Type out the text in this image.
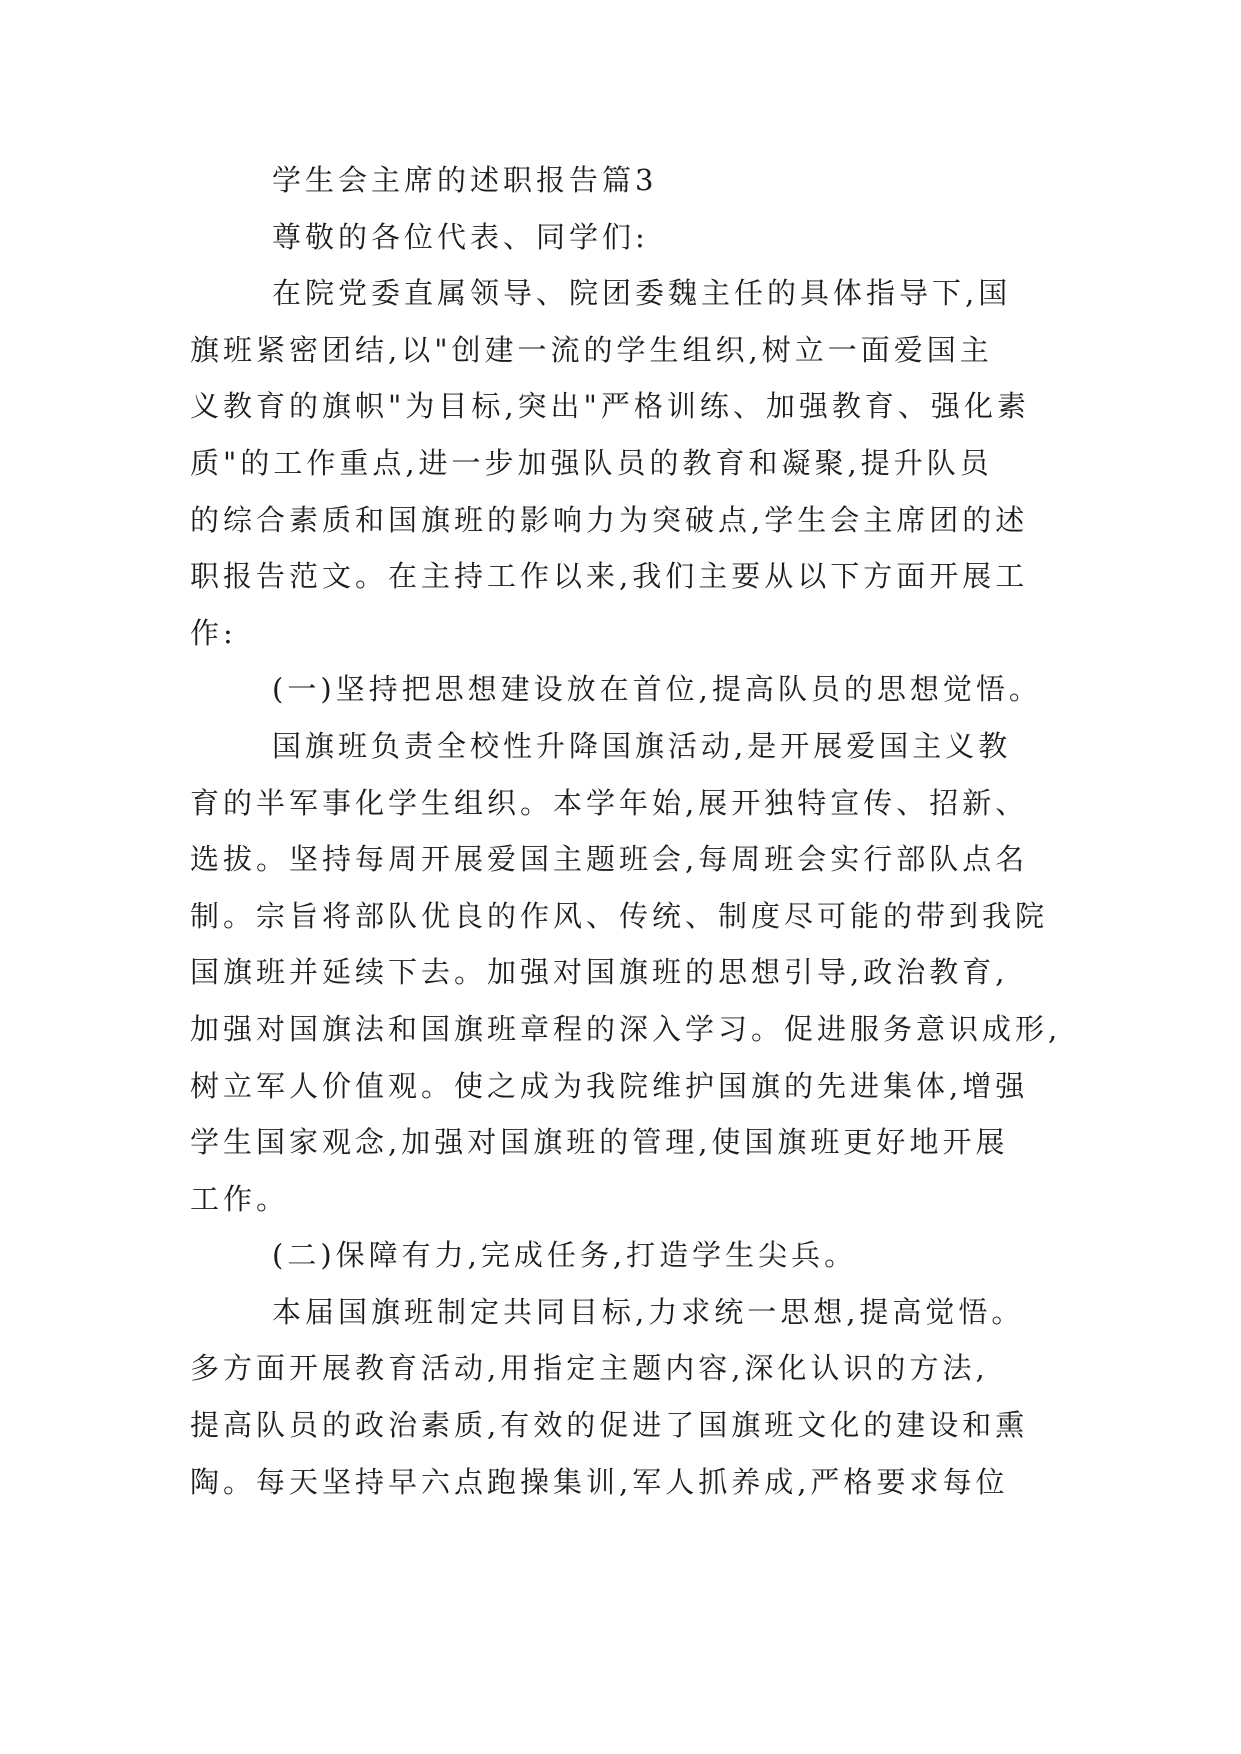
学生会主席的述职报告篇3
尊敬的各位代表、同学们:
在院党委直属领导、院团委魏主任的具体指导下,国
旗班紧密团结,以"创建一流的学生组织,树立一面爱国主
义教育的旗帜"为目标,突出"严格训练、加强教育、强化素
质"的工作重点,进一步加强队员的教育和凝聚,提升队员
的综合素质和国旗班的影响力为突破点,学生会主席团的述
职报告范文。在主持工作以来,我们主要从以下方面开展工
作:
(一)坚持把思想建设放在首位,提高队员的思想觉悟。
国旗班负责全校性升降国旗活动,是开展爱国主义教
育的半军事化学生组织。本学年始,展开独特宣传、招新、
选拔。坚持每周开展爱国主题班会,每周班会实行部队点名
制。宗旨将部队优良的作风、传统、制度尽可能的带到我院
国旗班并延续下去。加强对国旗班的思想引导,政治教育,
加强对国旗法和国旗班章程的深入学习。促进服务意识成形,
树立军人价值观。使之成为我院维护国旗的先进集体,增强
学生国家观念,加强对国旗班的管理,使国旗班更好地开展
工作。
(二)保障有力,完成任务,打造学生尖兵。
本届国旗班制定共同目标,力求统一思想,提高觉悟。
多方面开展教育活动,用指定主题内容,深化认识的方法,
提高队员的政治素质,有效的促进了国旗班文化的建设和熏
陶。每天坚持早六点跑操集训,军人抓养成,严格要求每位
